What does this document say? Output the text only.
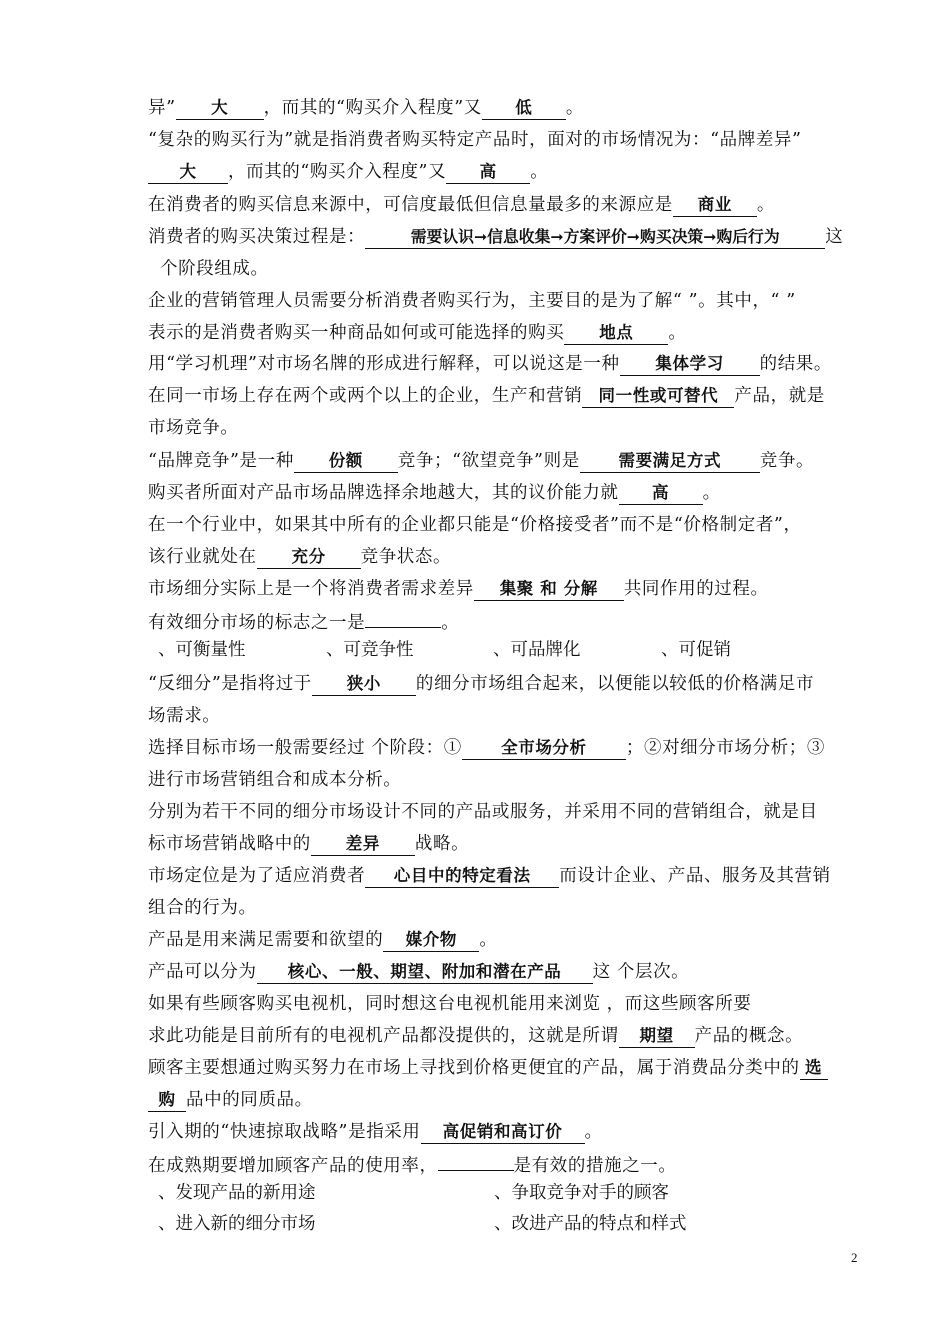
异” 大 ，而其的“购买介入程度”又 低 。
“复杂的购买行为”就是指消费者购买特定产品时，面对的市场情况为：“品牌差异”
大 ，而其的“购买介入程度”又 高 。
在消费者的购买信息来源中，可信度最低但信息量最多的来源应是 商业 。
消费者的购买决策过程是：	需要认识➞信息收集➞方案评价➞购买决策➞购后行为	这
个阶段组成。
企业的营销管理人员需要分析消费者购买行为，主要目的是为了解“ ”。其中，“ ”
表示的是消费者购买一种商品如何或可能选择的购买 地点 。
用“学习机理”对市场名牌的形成进行解释，可以说这是一种 集体学习 的结果。
在同一市场上存在两个或两个以上的企业，生产和营销 同一性或可替代 产品，就是
市场竞争。
“品牌竞争”是一种 份额 竞争；“欲望竞争”则是 需要满足方式 竞争。
购买者所面对产品市场品牌选择余地越大，其的议价能力就 高 。
在一个行业中，如果其中所有的企业都只能是“价格接受者”而不是“价格制定者”，
该行业就处在 充分 竞争状态。
市场细分实际上是一个将消费者需求差异 集聚 和 分解 共同作用的过程。
有效细分市场的标志之一是	。
、可衡量性	、可竞争性	、可品牌化	、可促销
“反细分”是指将过于 狭小 的细分市场组合起来，以便能以较低的价格满足市
场需求。
选择目标市场一般需要经过 个阶段：① 全市场分析 ；②对细分市场分析；③
进行市场营销组合和成本分析。
分别为若干不同的细分市场设计不同的产品或服务，并采用不同的营销组合，就是目
标市场营销战略中的 差异 战略。
市场定位是为了适应消费者 心目中的特定看法 而设计企业、产品、服务及其营销
组合的行为。
产品是用来满足需要和欲望的 媒介物 。
产品可以分为 核心、一般、期望、附加和潜在产品 这 个层次。
如果有些顾客购买电视机，同时想这台电视机能用来浏览 ，而这些顾客所要
求此功能是目前所有的电视机产品都没提供的，这就是所谓 期望 产品的概念。
顾客主要想通过购买努力在市场上寻找到价格更便宜的产品，属于消费品分类中的 选
购 品中的同质品。
引入期的“快速掠取战略”是指采用 高促销和高订价 。
在成熟期要增加顾客产品的使用率，	是有效的措施之一。
、发现产品的新用途	、争取竞争对手的顾客
、进入新的细分市场	、改进产品的特点和样式
2
